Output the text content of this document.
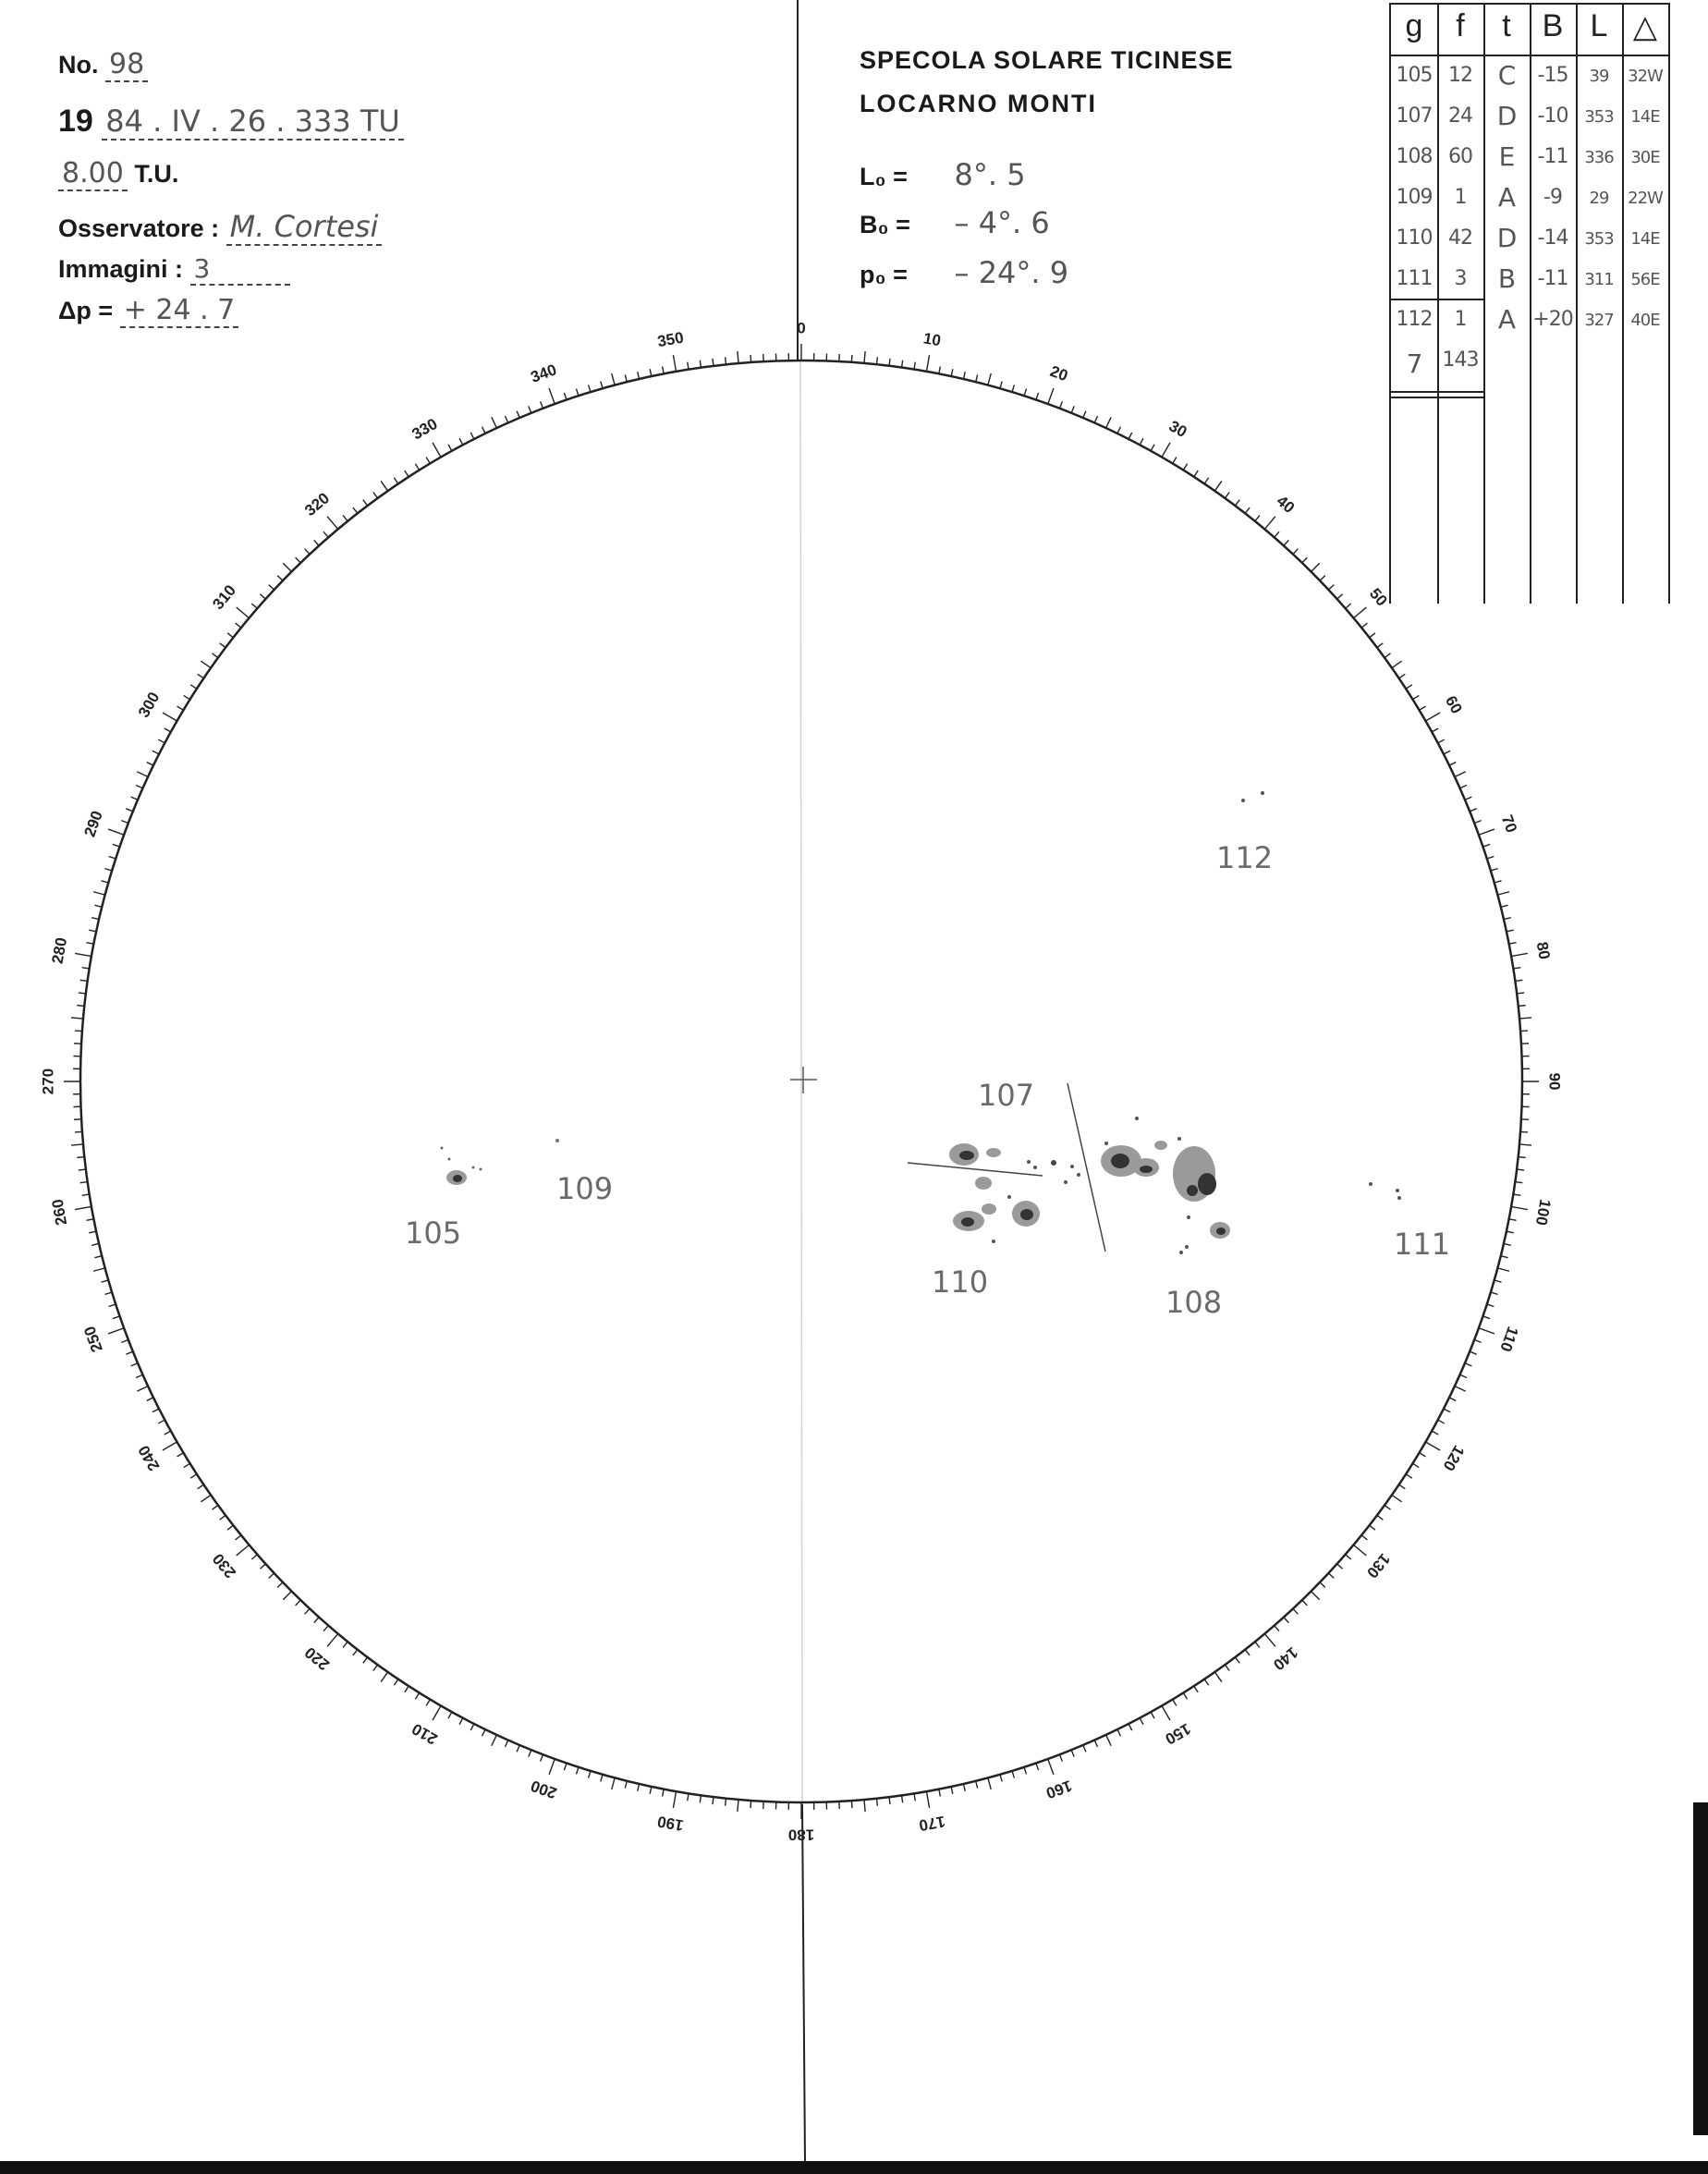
No. 98
19 84 . IV . 26 . 333 TU
8.00 T.U.
Osservatore : M. Cortesi
Immagini : 3
Δp = + 24 . 7
SPECOLA SOLARE TICINESE
LOCARNO MONTI
L₀ = 8°. 5
B₀ = – 4°. 6
p₀ = – 24°. 9
g	f	t B L △
105 12 C	-15	39	32W
107 24 D	-10 353	14E
108 60	E	-11 336	30E
109	1	A	-9	29	22W
110 42 D	-14 353	14E
111	3	B	-11 311	56E
112	1	A +20 327	40E
7	143
0
10
20
30
40
50
60
70
80
90
100
110
120
130
140
150
160
170
180
190
200
210
220
230
240
250
260
270
280
290
300
310
320
330
340
350
105
107
108
109
110
111
112
